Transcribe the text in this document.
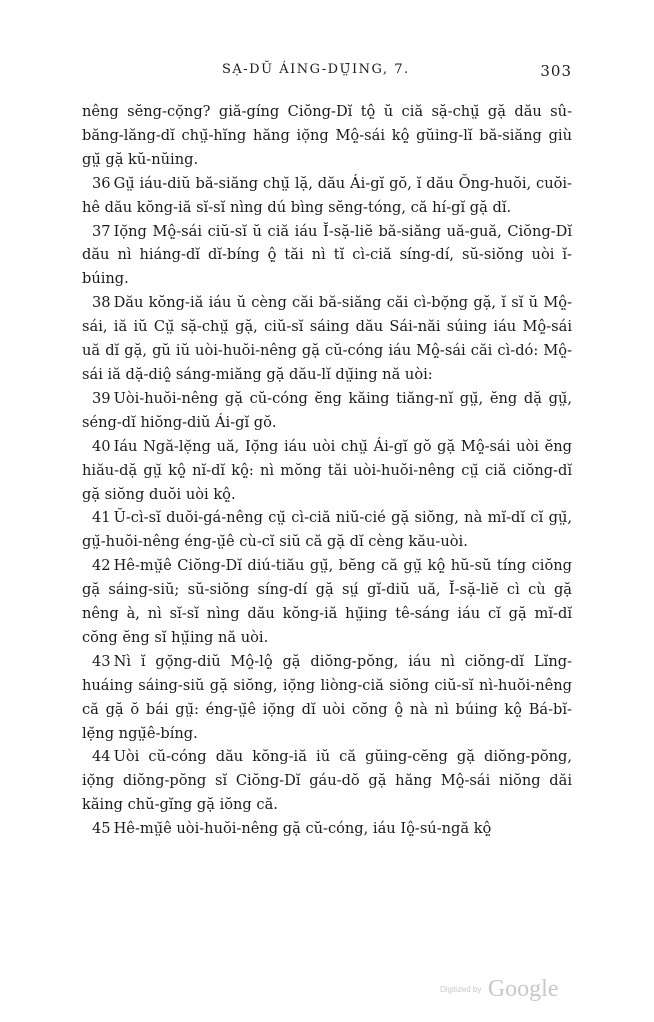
SẠ-DŬ ÁING-DṲ̄ING, 7.	303

nêng sĕng-cọ̆ng? giă-gíng Ciŏng-Dĭ tộ̤ ŭ ciă sặ-chṳ̆ gặ dău sû-băng-lăng-dĭ chṳ̆-hĭng hăng iọ̆ng Mộ̤-sái kộ̤ gŭing-lĭ bă-siăng giù gṳ̆ gặ kŭ-nŭing.

36 Gṳ̆ iáu-diŭ bă-siăng chṳ̆ lặ, dău Ái-gĭ gŏ, ĭ dău Ŏng-huŏi, cuŏi-hê dău kŏng-iă sĭ-sĭ nìng dú bìng sĕng-tóng, că hí-gĭ gặ dĭ.

37 Iọ̆ng Mộ̤-sái ciŭ-sĭ ŭ ciă iáu Ĭ-sặ-liĕ bă-siăng uă-guă, Ciŏng-Dĭ dău nì hiáng-dĭ dĭ-bíng ộ̤ tăi nì tĭ cì-ciă síng-dí, sŭ-siŏng uòi ĭ-búing.

38 Dău kŏng-iă iáu ŭ cèng căi bă-siăng căi cì-bọ̆ng gặ, ĭ sĭ ŭ Mộ̤-sái, iă iŭ Cṳ̆ sặ-chṳ̆ gặ, ciŭ-sĭ sáing dău Sái-năi súing iáu Mộ̤-sái uă dĭ gặ, gŭ iŭ uòi-huŏi-nêng gặ cŭ-cóng iáu Mộ̤-sái căi cì-dó: Mộ̤-sái iă dặ-diộ̤ sáng-miăng gặ dău-lĭ dṳ̆ing nă uòi:

39 Uòi-huŏi-nêng gặ cŭ-cóng ĕng kăing tiăng-nĭ gṳ̆, ĕng dặ gṳ̆, séng-dĭ hiŏng-diŭ Ái-gĭ gŏ.

40 Iáu Ngă-lẹ̆ng uă, Iọ̆ng iáu uòi chṳ̆ Ái-gĭ gŏ gặ Mộ̤-sái uòi ĕng hiău-dặ gṳ̆ kộ̤ nĭ-dĭ kộ̤: nì mŏng tăi uòi-huŏi-nêng cṳ̆ ciă ciŏng-dĭ gặ siŏng duŏi uòi kộ̤.

41 Ŭ-cì-sĭ duŏi-gá-nêng cṳ̆ cì-ciă niŭ-cié gặ siŏng, nà mĭ-dĭ cĭ gṳ̆, gṳ̆-huŏi-nêng éng-ṳ̆ê cù-cĭ siŭ că gặ dĭ cèng kău-uòi.

42 Hê-mṳ̆ê Ciŏng-Dĭ diú-tiău gṳ̆, bĕng că gṳ̆ kộ̤ hŭ-sŭ tíng ciŏng gặ sáing-siŭ; sŭ-siŏng síng-dí gặ sṳ́ gĭ-diŭ uă, Ĭ-sặ-liĕ cì cù gặ nêng à, nì sĭ-sĭ nìng dău kŏng-iă hṳ̆ing tê-sáng iáu cĭ gặ mĭ-dĭ cŏng ĕng sĭ hṳ̆ing nă uòi.

43 Nì ĭ gọ̆ng-diŭ Mộ̤-lộ̤ gặ diŏng-pŏng, iáu nì ciŏng-dĭ Lĭng-huáing sáing-siŭ gặ siŏng, iọ̆ng liòng-ciă siŏng ciŭ-sĭ nì-huŏi-nêng că gặ ŏ bái gṳ̆: éng-ṳ̆ê iọ̆ng dĭ uòi cŏng ộ̤ nà nì búing kộ̤ Bá-bĭ-lẹ̆ng ngṳ̆ê-bíng.

44 Uòi cŭ-cóng dău kŏng-iă iŭ că gŭing-cĕng gặ diŏng-pŏng, iọ̆ng diŏng-pŏng sĭ Ciŏng-Dĭ gáu-dŏ gặ hăng Mộ̤-sái niŏng dăi kăing chŭ-gĭng gặ iŏng că.

45 Hê-mṳ̆ê uòi-huŏi-nêng gặ cŭ-cóng, iáu Iộ̤-sú-ngă kộ̤

Digitized by Google
